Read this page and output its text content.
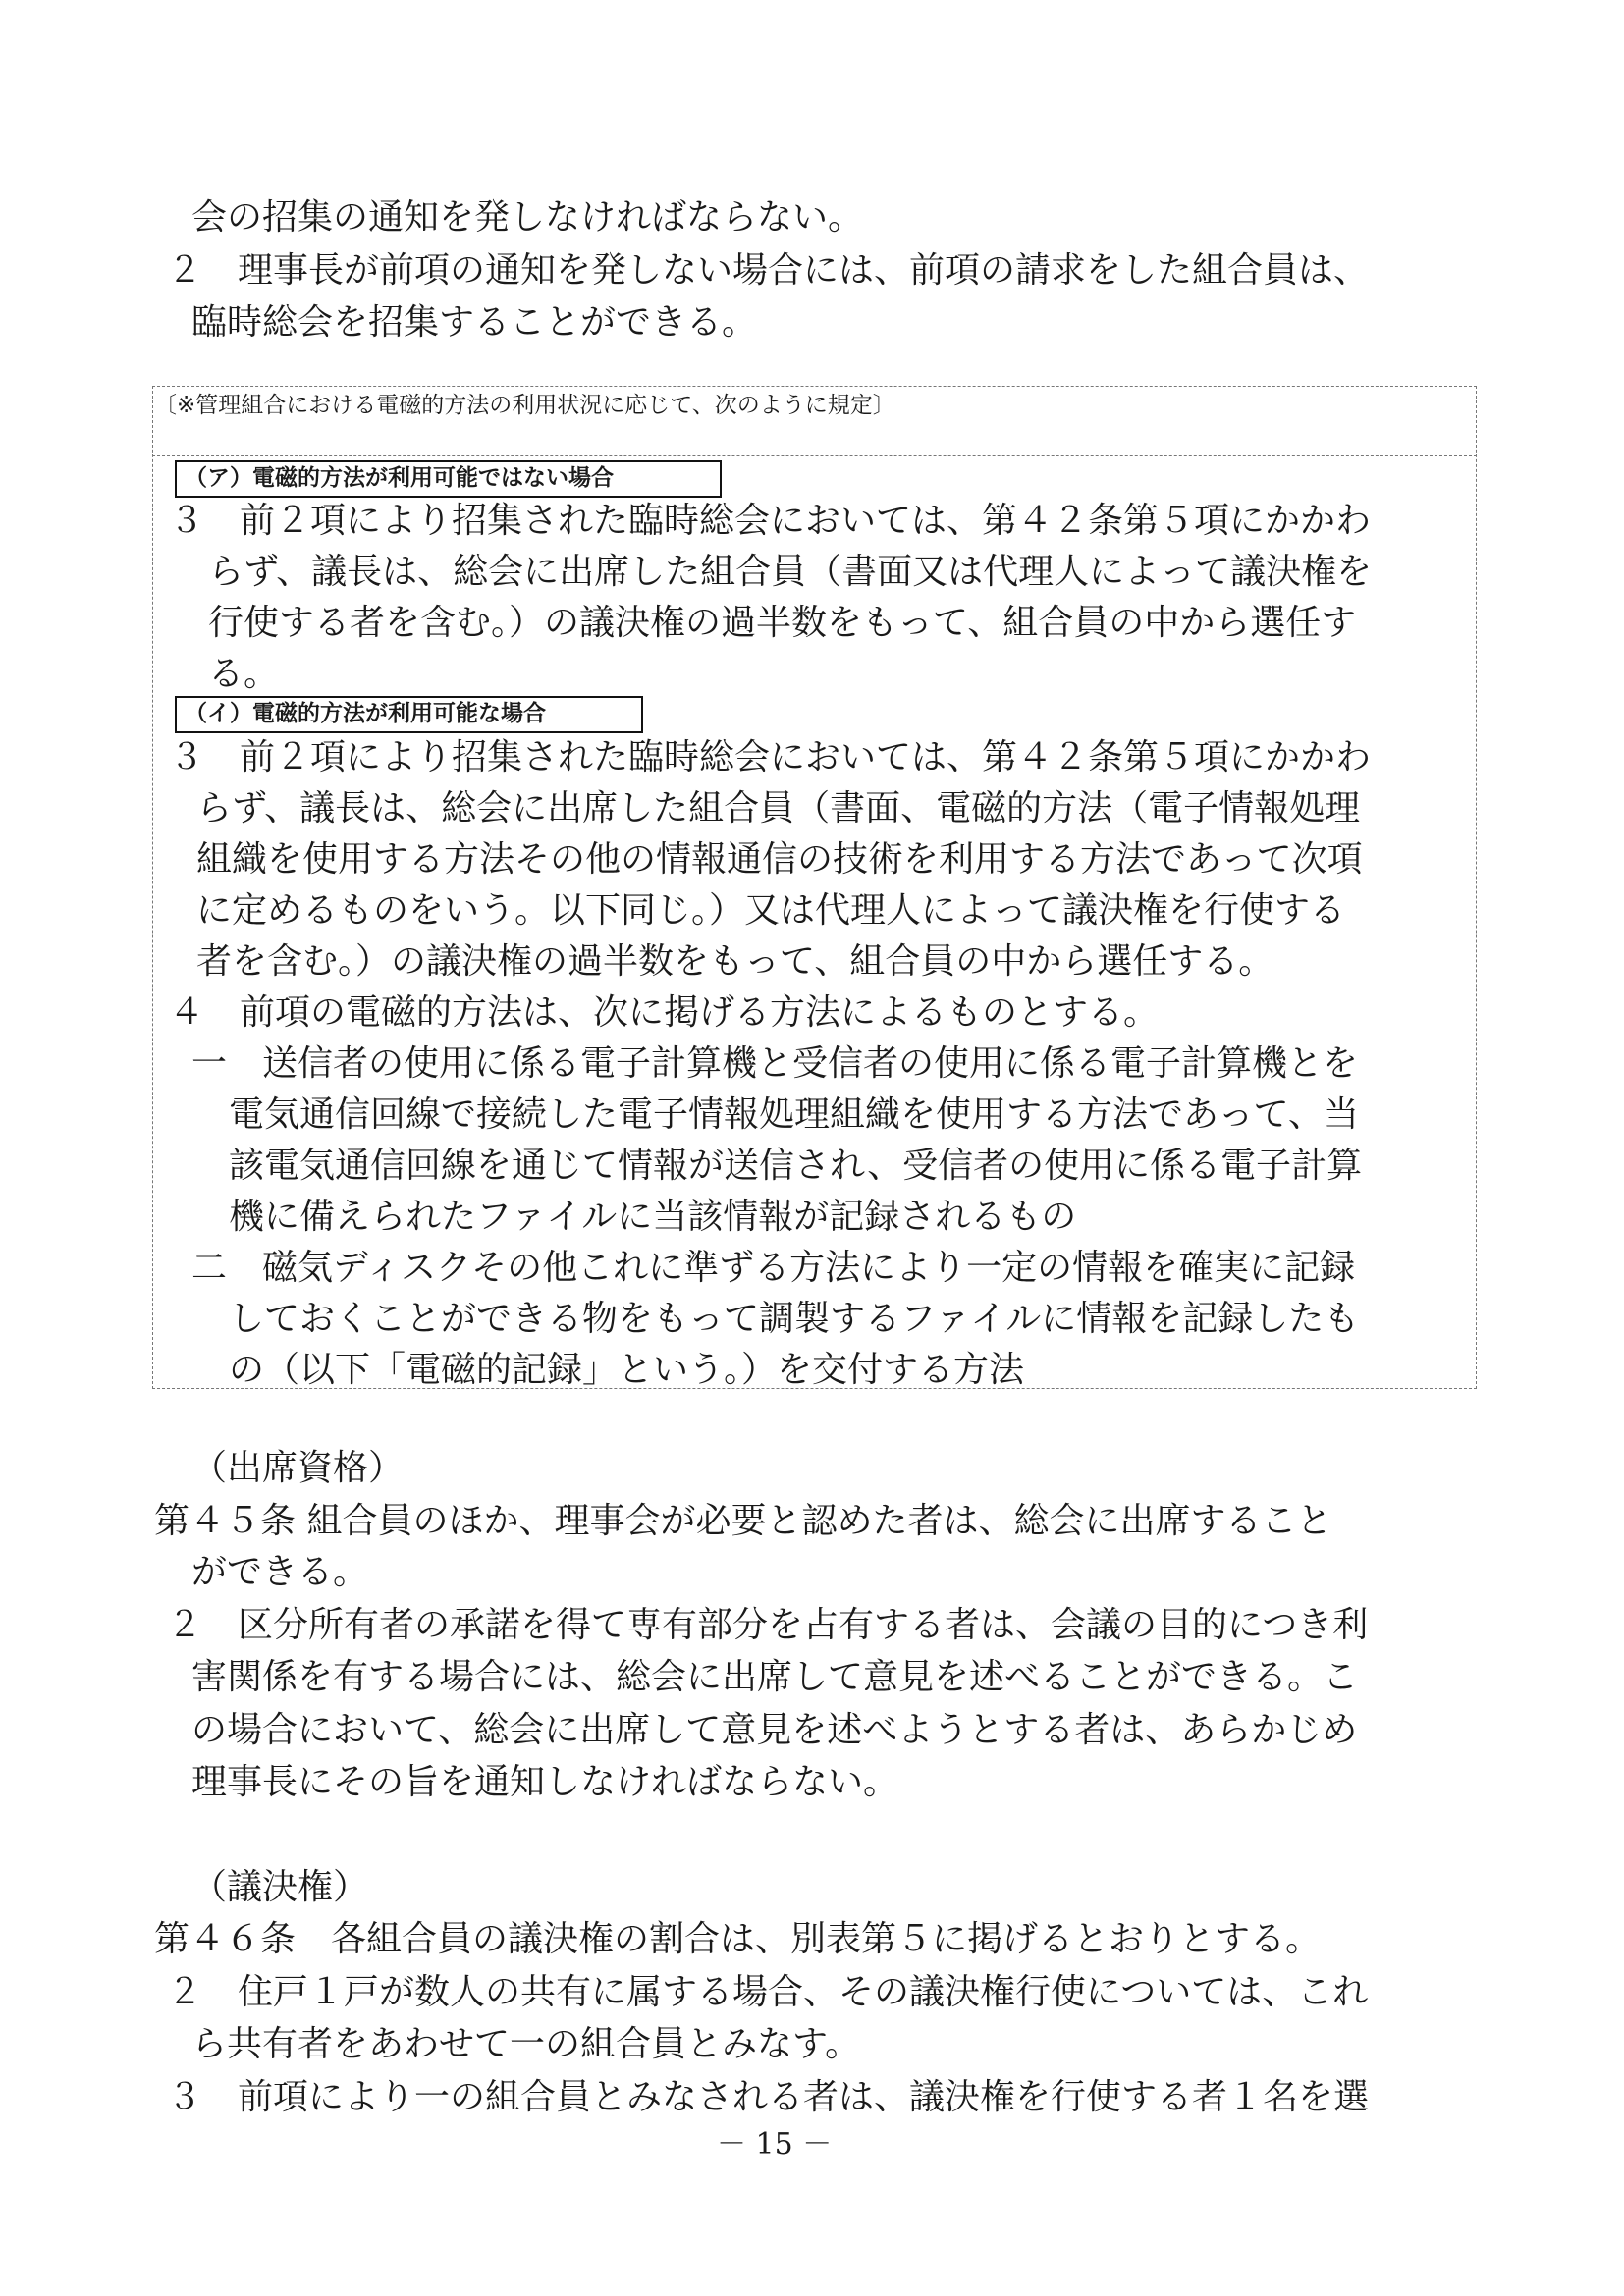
会の招集の通知を発しなければならない。
２　理事長が前項の通知を発しない場合には、前項の請求をした組合員は、
臨時総会を招集することができる。
〔※管理組合における電磁的方法の利用状況に応じて、次のように規定〕
（ア）電磁的方法が利用可能ではない場合
３　前２項により招集された臨時総会においては、第４２条第５項にかかわ
らず、議長は、総会に出席した組合員（書面又は代理人によって議決権を
行使する者を含む。）の議決権の過半数をもって、組合員の中から選任す
る。
（イ）電磁的方法が利用可能な場合
３　前２項により招集された臨時総会においては、第４２条第５項にかかわ
らず、議長は、総会に出席した組合員（書面、電磁的方法（電子情報処理
組織を使用する方法その他の情報通信の技術を利用する方法であって次項
に定めるものをいう。以下同じ。）又は代理人によって議決権を行使する
者を含む。）の議決権の過半数をもって、組合員の中から選任する。
４　前項の電磁的方法は、次に掲げる方法によるものとする。
一　送信者の使用に係る電子計算機と受信者の使用に係る電子計算機とを
電気通信回線で接続した電子情報処理組織を使用する方法であって、当
該電気通信回線を通じて情報が送信され、受信者の使用に係る電子計算
機に備えられたファイルに当該情報が記録されるもの
二　磁気ディスクその他これに準ずる方法により一定の情報を確実に記録
しておくことができる物をもって調製するファイルに情報を記録したも
の（以下「電磁的記録」という。）を交付する方法
（出席資格）
第４５条 組合員のほか、理事会が必要と認めた者は、総会に出席すること
ができる。
２　区分所有者の承諾を得て専有部分を占有する者は、会議の目的につき利
害関係を有する場合には、総会に出席して意見を述べることができる。こ
の場合において、総会に出席して意見を述べようとする者は、あらかじめ
理事長にその旨を通知しなければならない。
（議決権）
第４６条　各組合員の議決権の割合は、別表第５に掲げるとおりとする。
２　住戸１戸が数人の共有に属する場合、その議決権行使については、これ
ら共有者をあわせて一の組合員とみなす。
３　前項により一の組合員とみなされる者は、議決権を行使する者１名を選
－ 15 －
